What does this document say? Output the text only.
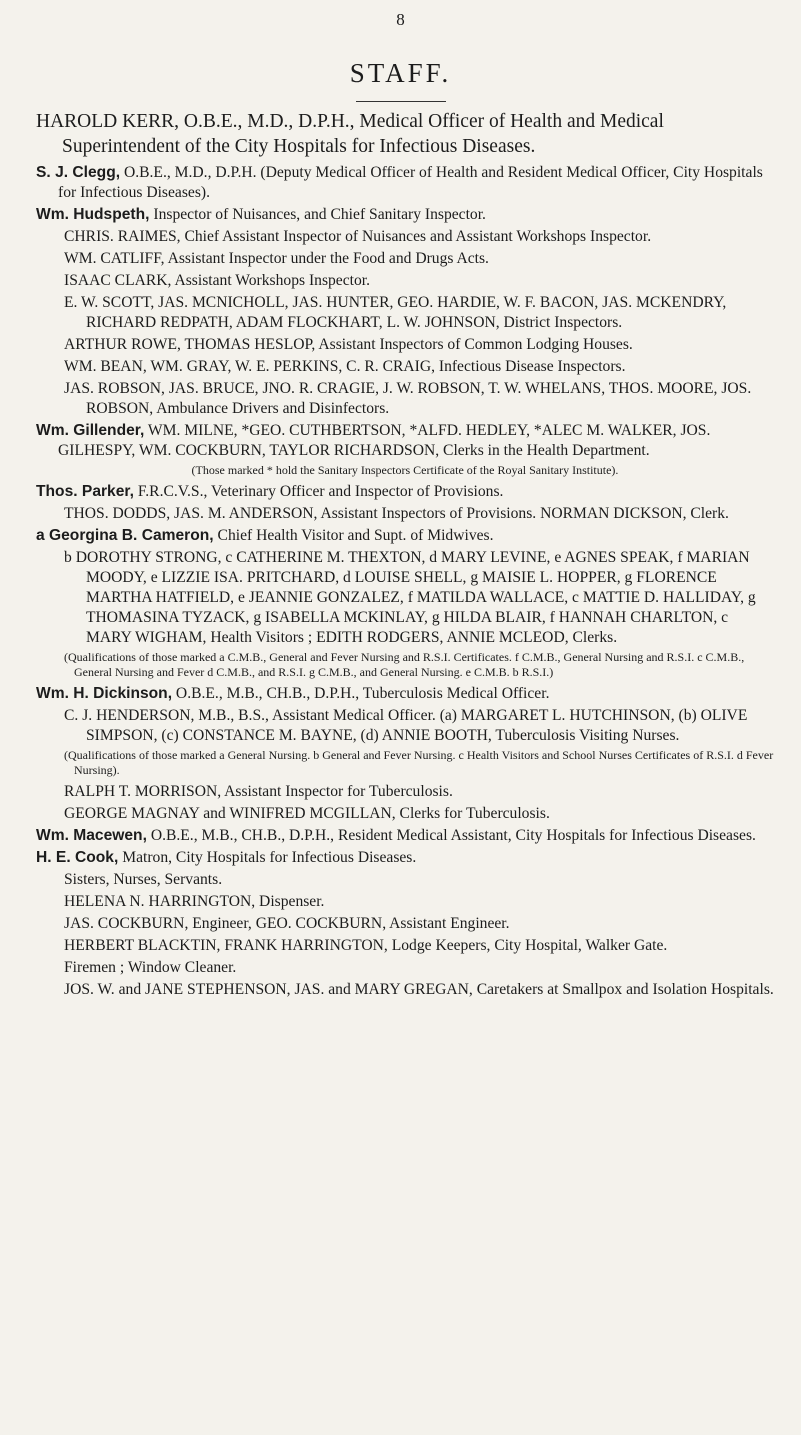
8
STAFF.

HAROLD KERR, O.B.E., M.D., D.P.H., Medical Officer of Health and Medical Superintendent of the City Hospitals for Infectious Diseases.

S. J. Clegg, O.B.E., M.D., D.P.H. (Deputy Medical Officer of Health and Resident Medical Officer, City Hospitals for Infectious Diseases).

Wm. Hudspeth, Inspector of Nuisances, and Chief Sanitary Inspector.

CHRIS. RAIMES, Chief Assistant Inspector of Nuisances and Assistant Workshops Inspector.

WM. CATLIFF, Assistant Inspector under the Food and Drugs Acts.

ISAAC CLARK, Assistant Workshops Inspector.

E. W. SCOTT, JAS. MCNICHOLL, JAS. HUNTER, GEO. HARDIE, W. F. BACON, JAS. MCKENDRY, RICHARD REDPATH, ADAM FLOCKHART, L. W. JOHNSON, District Inspectors.

ARTHUR ROWE, THOMAS HESLOP, Assistant Inspectors of Common Lodging Houses.

WM. BEAN, WM. GRAY, W. E. PERKINS, C. R. CRAIG, Infectious Disease Inspectors.

JAS. ROBSON, JAS. BRUCE, JNO. R. CRAGIE, J. W. ROBSON, T. W. WHELANS, THOS. MOORE, JOS. ROBSON, Ambulance Drivers and Disinfectors.

Wm. Gillender, WM. MILNE, *GEO. CUTHBERTSON, *ALFD. HEDLEY, *ALEC M. WALKER, JOS. GILHESPY, WM. COCKBURN, TAYLOR RICHARDSON, Clerks in the Health Department.

(Those marked * hold the Sanitary Inspectors Certificate of the Royal Sanitary Institute).

Thos. Parker, F.R.C.V.S., Veterinary Officer and Inspector of Provisions.

THOS. DODDS, JAS. M. ANDERSON, Assistant Inspectors of Provisions. NORMAN DICKSON, Clerk.

a Georgina B. Cameron, Chief Health Visitor and Supt. of Midwives.

b DOROTHY STRONG, c CATHERINE M. THEXTON, d MARY LEVINE, e AGNES SPEAK, f MARIAN MOODY, e LIZZIE ISA. PRITCHARD, d LOUISE SHELL, g MAISIE L. HOPPER, g FLORENCE MARTHA HATFIELD, e JEANNIE GONZALEZ, f MATILDA WALLACE, c MATTIE D. HALLIDAY, g THOMASINA TYZACK, g ISABELLA MCKINLAY, g HILDA BLAIR, f HANNAH CHARLTON, c MARY WIGHAM, Health Visitors ; EDITH RODGERS, ANNIE MCLEOD, Clerks.

(Qualifications of those marked a C.M.B., General and Fever Nursing and R.S.I. Certificates. f C.M.B., General Nursing and R.S.I. c C.M.B., General Nursing and Fever d C.M.B., and R.S.I. g C.M.B., and General Nursing. e C.M.B. b R.S.I.)

Wm. H. Dickinson, O.B.E., M.B., CH.B., D.P.H., Tuberculosis Medical Officer.

C. J. HENDERSON, M.B., B.S., Assistant Medical Officer. (a) MARGARET L. HUTCHINSON, (b) OLIVE SIMPSON, (c) CONSTANCE M. BAYNE, (d) ANNIE BOOTH, Tuberculosis Visiting Nurses.

(Qualifications of those marked a General Nursing. b General and Fever Nursing. c Health Visitors and School Nurses Certificates of R.S.I. d Fever Nursing).

RALPH T. MORRISON, Assistant Inspector for Tuberculosis.

GEORGE MAGNAY and WINIFRED MCGILLAN, Clerks for Tuberculosis.

Wm. Macewen, O.B.E., M.B., CH.B., D.P.H., Resident Medical Assistant, City Hospitals for Infectious Diseases.

H. E. Cook, Matron, City Hospitals for Infectious Diseases.

Sisters, Nurses, Servants.

HELENA N. HARRINGTON, Dispenser.

JAS. COCKBURN, Engineer, GEO. COCKBURN, Assistant Engineer.

HERBERT BLACKTIN, FRANK HARRINGTON, Lodge Keepers, City Hospital, Walker Gate.

Firemen ; Window Cleaner.

JOS. W. and JANE STEPHENSON, JAS. and MARY GREGAN, Caretakers at Smallpox and Isolation Hospitals.
